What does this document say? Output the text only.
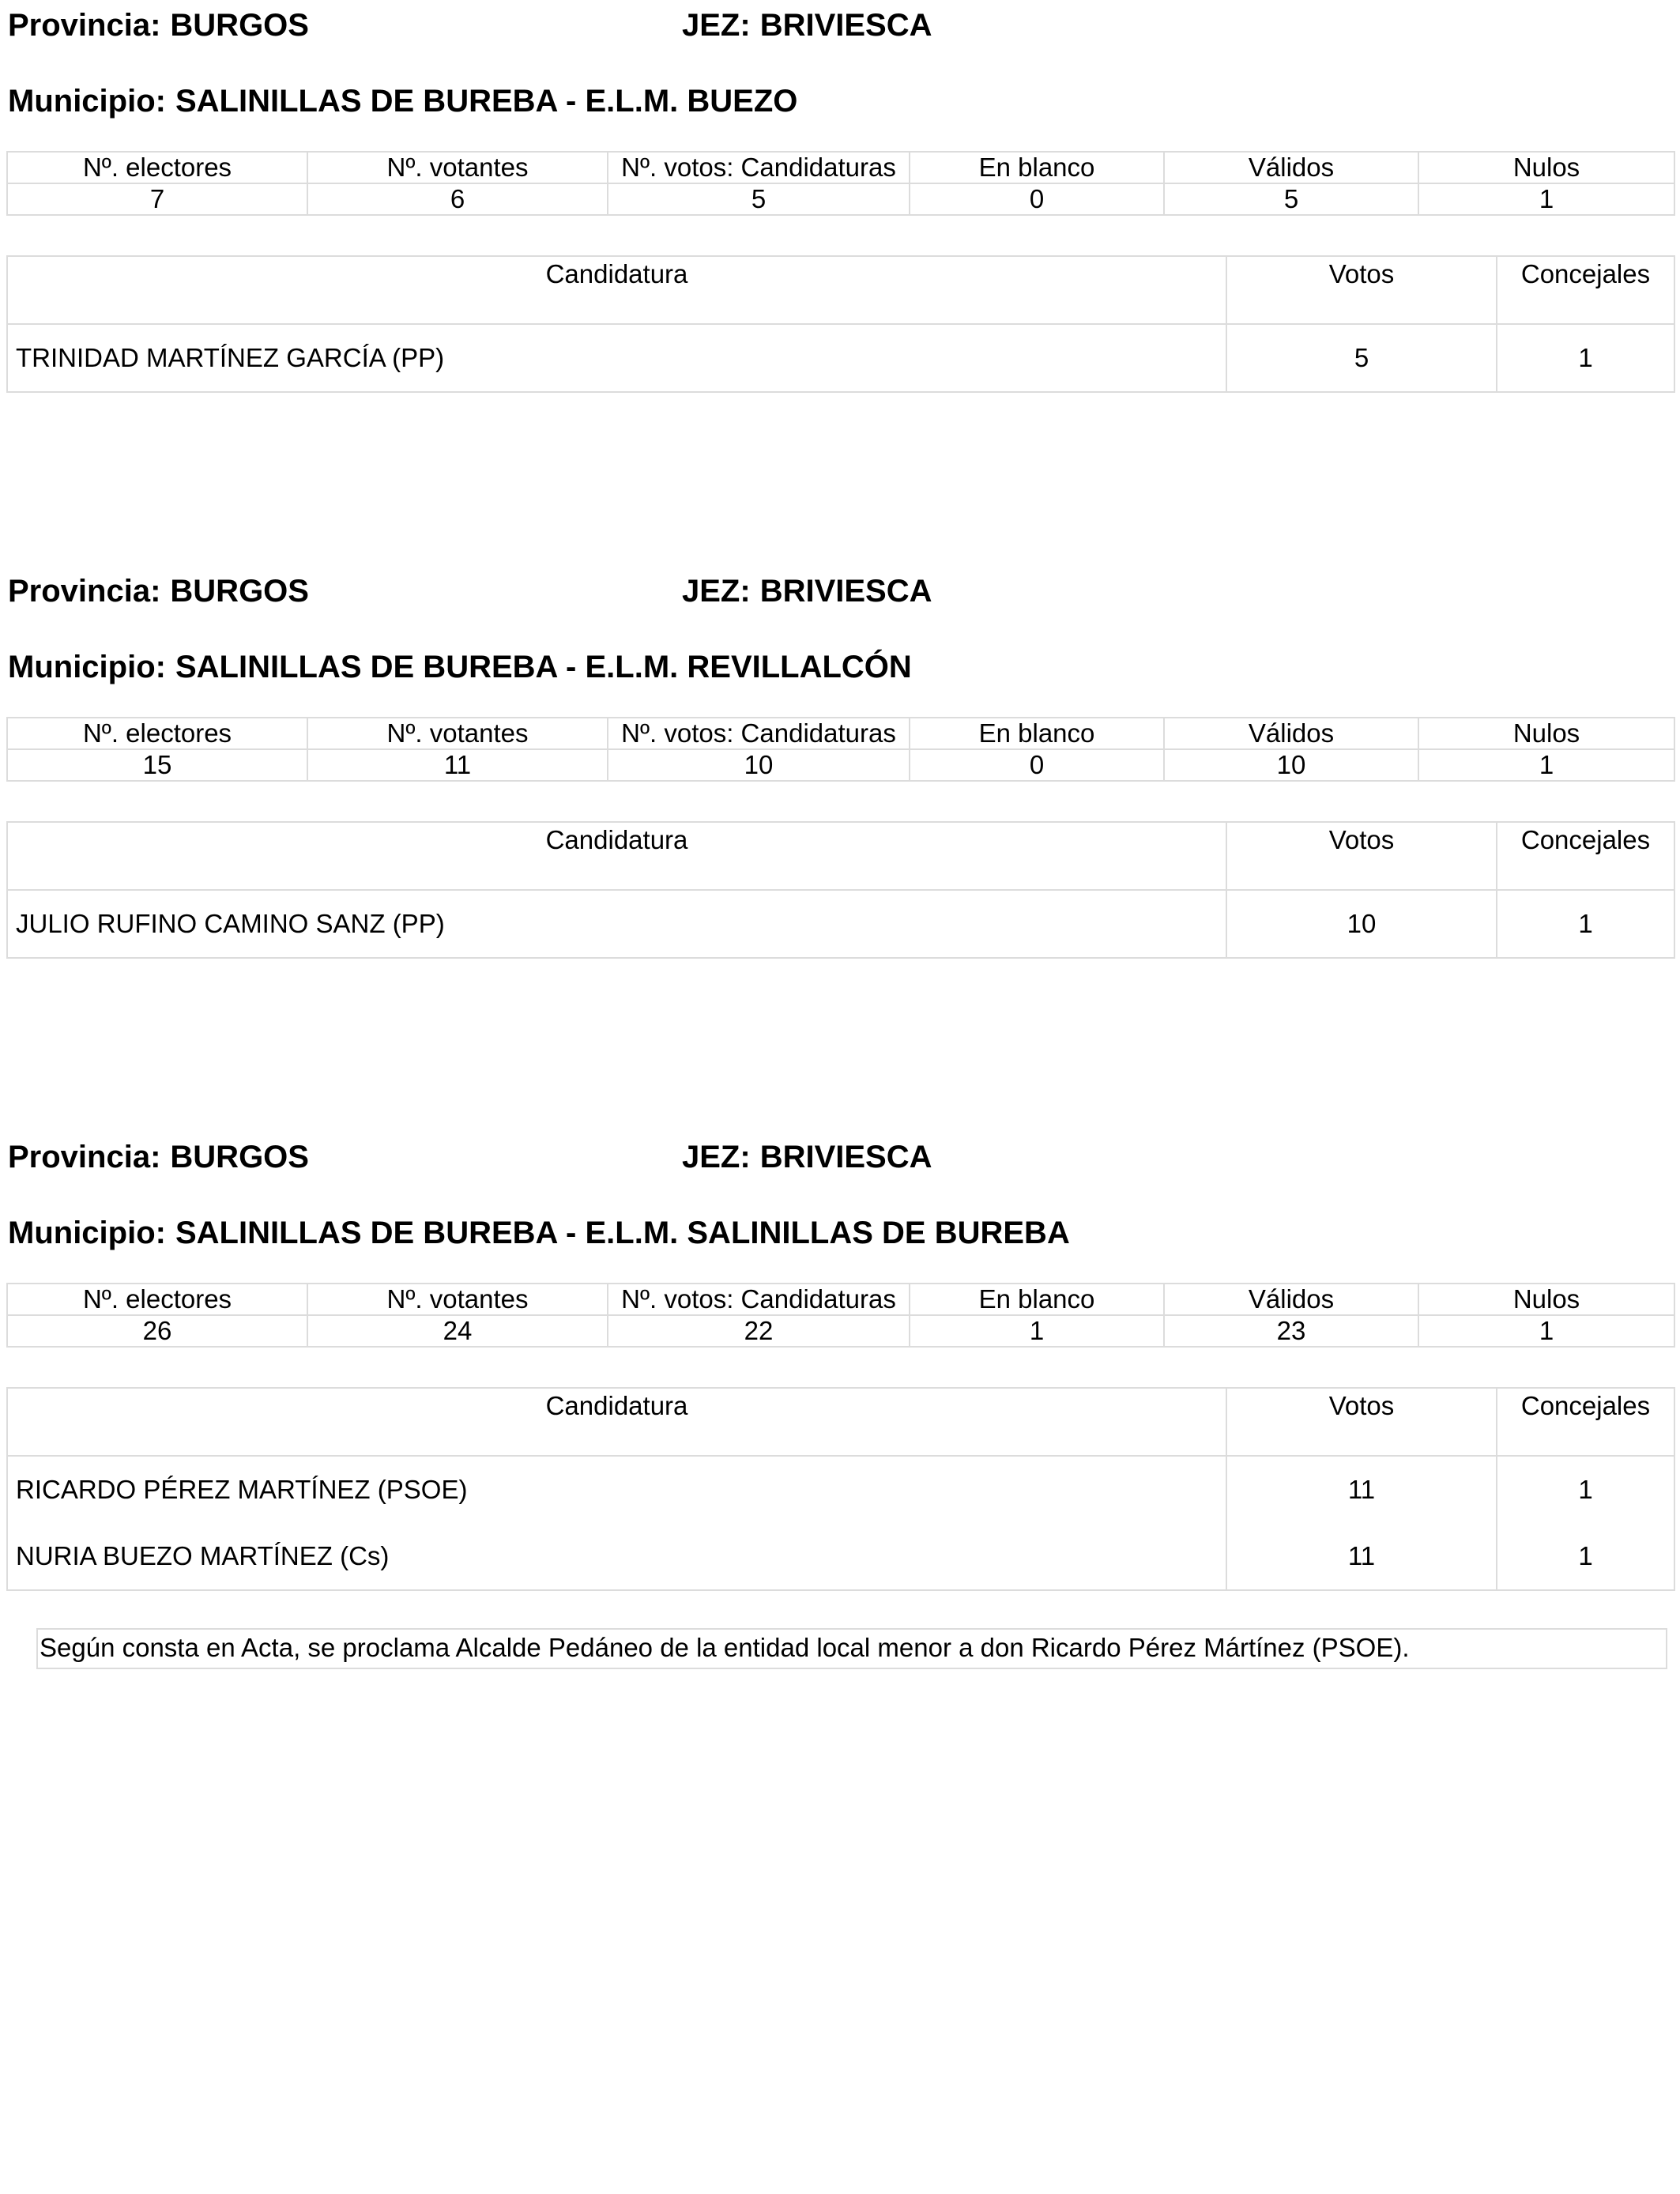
Provincia: BURGOS	JEZ: BRIVIESCA
Municipio: SALINILLAS DE BUREBA - E.L.M. BUEZO
Nº. electores	Nº. votantes	Nº. votos: Candidaturas	En blanco	Válidos	Nulos
7	6	5	0	5	1
Candidatura	Votos	Concejales
TRINIDAD MARTÍNEZ GARCÍA (PP)	5	1
Provincia: BURGOS	JEZ: BRIVIESCA
Municipio: SALINILLAS DE BUREBA - E.L.M. REVILLALCÓN
Nº. electores	Nº. votantes	Nº. votos: Candidaturas	En blanco	Válidos	Nulos
15	11	10	0	10	1
Candidatura	Votos	Concejales
JULIO RUFINO CAMINO SANZ (PP)	10	1
Provincia: BURGOS	JEZ: BRIVIESCA
Municipio: SALINILLAS DE BUREBA - E.L.M. SALINILLAS DE BUREBA
Nº. electores	Nº. votantes	Nº. votos: Candidaturas	En blanco	Válidos	Nulos
26	24	22	1	23	1
Candidatura	Votos	Concejales
RICARDO PÉREZ MARTÍNEZ (PSOE)	11	1
NURIA BUEZO MARTÍNEZ (Cs)	11	1
Según consta en Acta, se proclama Alcalde Pedáneo de la entidad local menor a don Ricardo Pérez Mártínez (PSOE).
